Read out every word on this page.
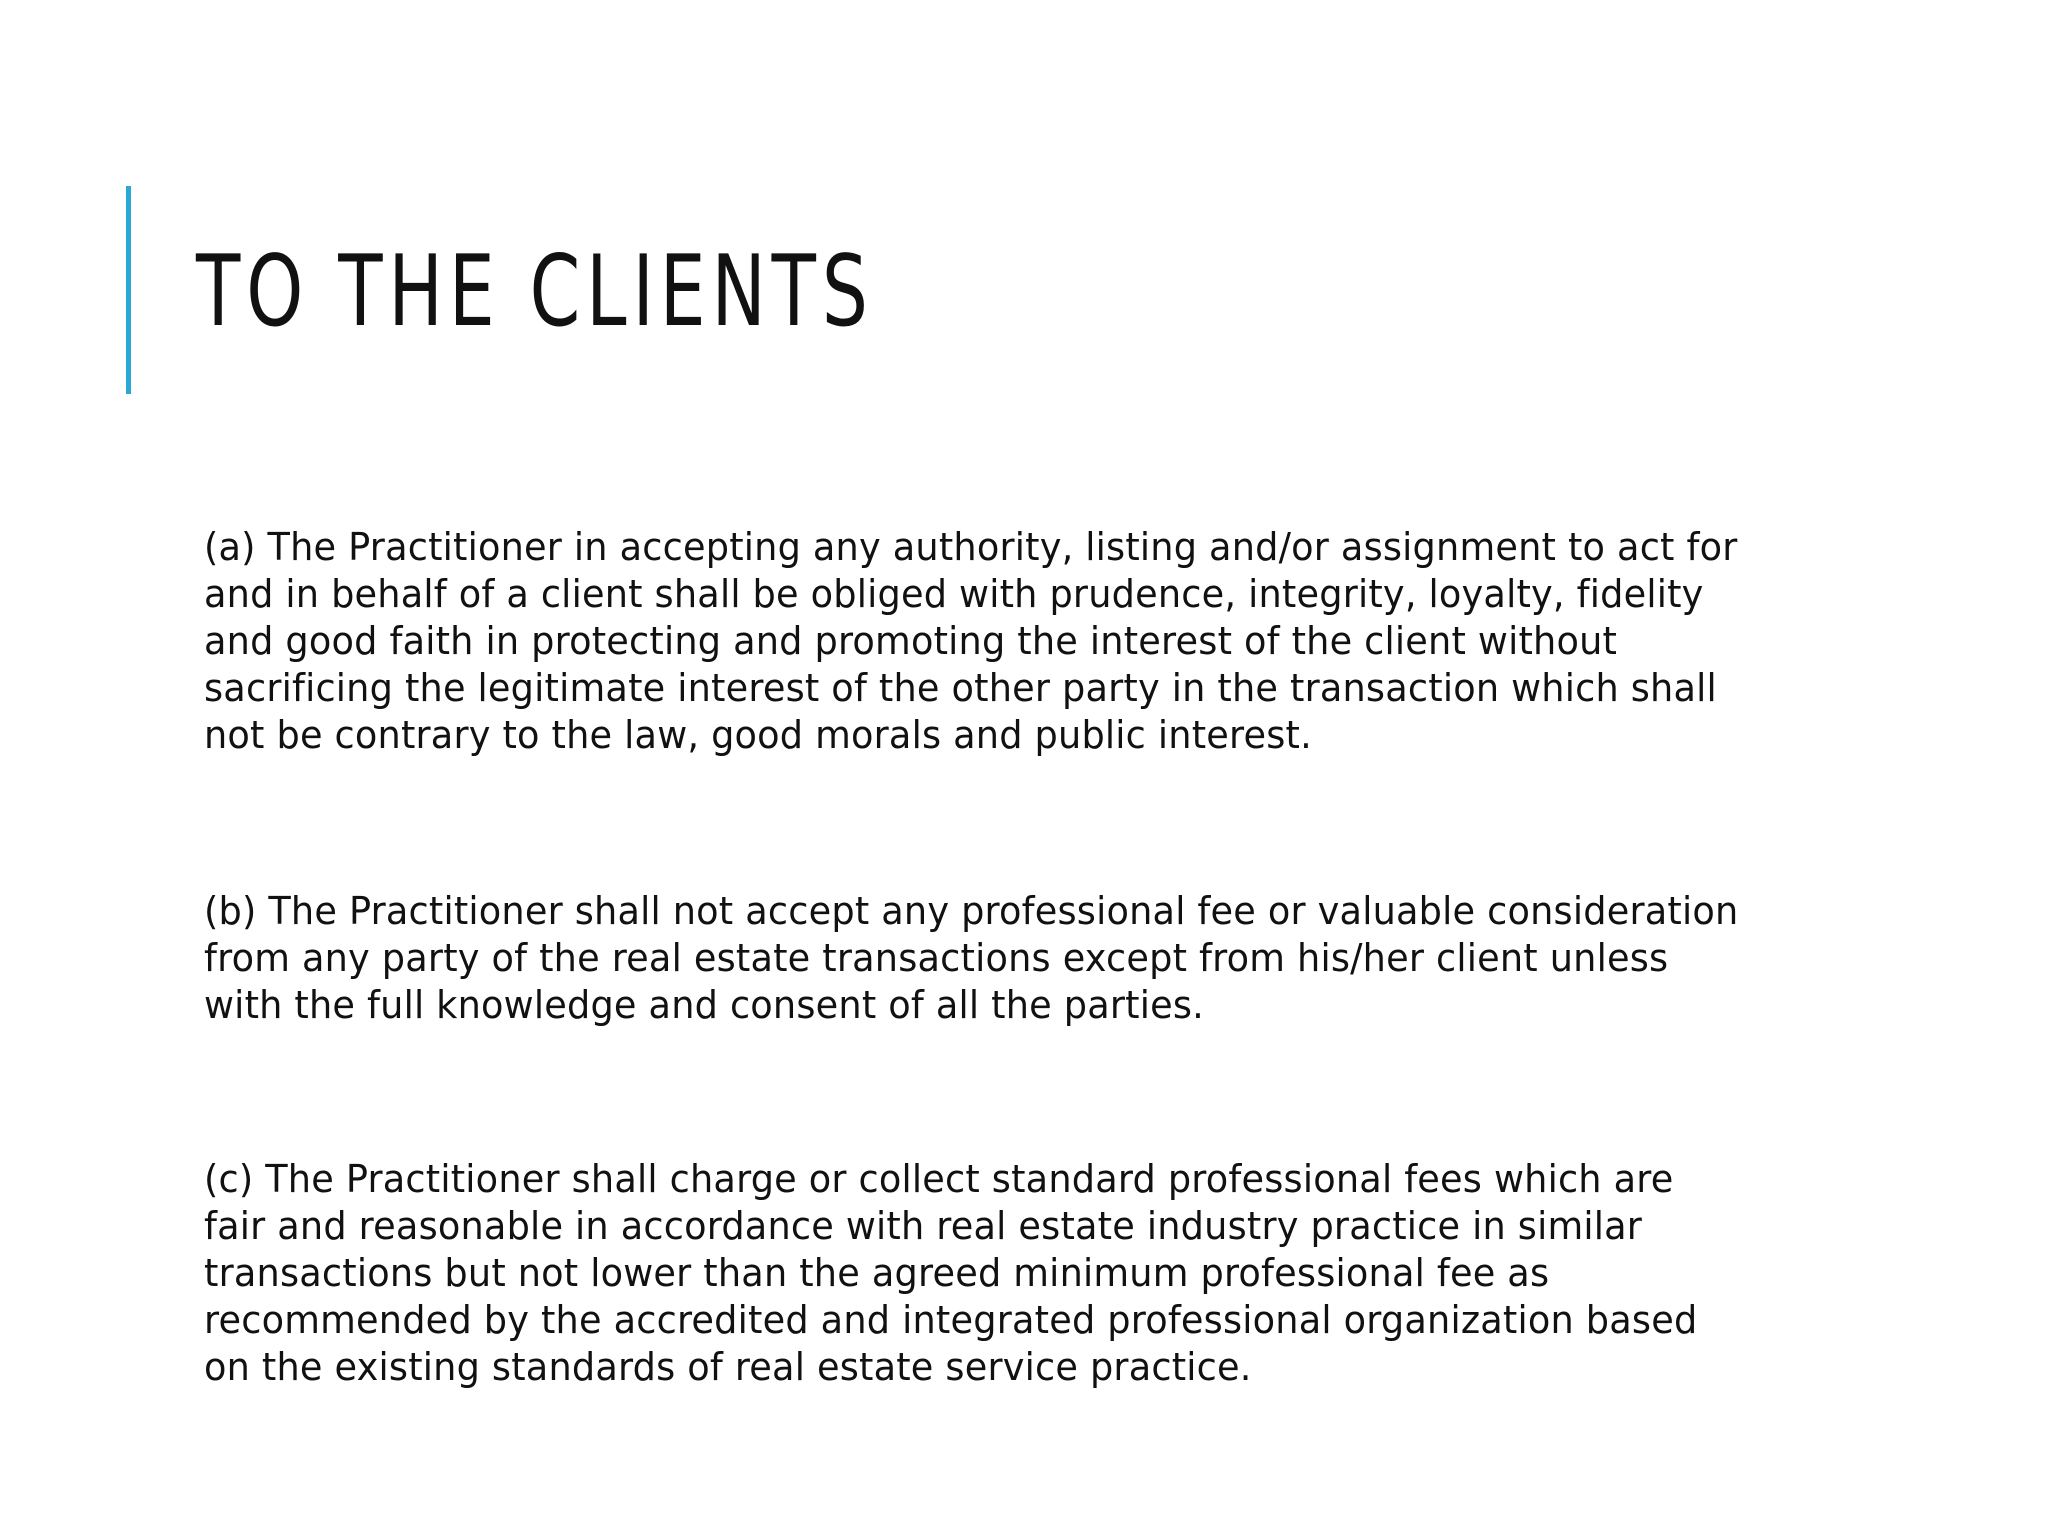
TO THE CLIENTS
(a) The Practitioner in accepting any authority, listing and/or assignment to act for
and in behalf of a client shall be obliged with prudence, integrity, loyalty, fidelity
and good faith in protecting and promoting the interest of the client without
sacrificing the legitimate interest of the other party in the transaction which shall
not be contrary to the law, good morals and public interest.
(b) The Practitioner shall not accept any professional fee or valuable consideration
from any party of the real estate transactions except from his/her client unless
with the full knowledge and consent of all the parties.
(c) The Practitioner shall charge or collect standard professional fees which are
fair and reasonable in accordance with real estate industry practice in similar
transactions but not lower than the agreed minimum professional fee as
recommended by the accredited and integrated professional organization based
on the existing standards of real estate service practice.
